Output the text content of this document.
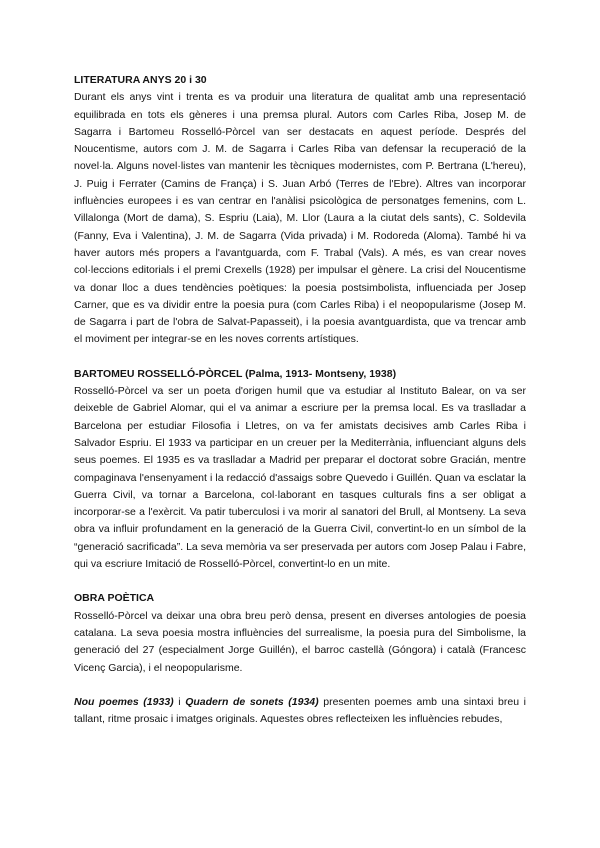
LITERATURA ANYS 20 i 30

Durant els anys vint i trenta es va produir una literatura de qualitat amb una representació equilibrada en tots els gèneres i una premsa plural. Autors com Carles Riba, Josep M. de Sagarra i Bartomeu Rosselló-Pòrcel van ser destacats en aquest període. Després del Noucentisme, autors com J. M. de Sagarra i Carles Riba van defensar la recuperació de la novel·la. Alguns novel·listes van mantenir les tècniques modernistes, com P. Bertrana (L'hereu), J. Puig i Ferrater (Camins de França) i S. Juan Arbó (Terres de l'Ebre). Altres van incorporar influències europees i es van centrar en l'anàlisi psicològica de personatges femenins, com L. Villalonga (Mort de dama), S. Espriu (Laia), M. Llor (Laura a la ciutat dels sants), C. Soldevila (Fanny, Eva i Valentina), J. M. de Sagarra (Vida privada) i M. Rodoreda (Aloma). També hi va haver autors més propers a l'avantguarda, com F. Trabal (Vals). A més, es van crear noves col·leccions editorials i el premi Crexells (1928) per impulsar el gènere. La crisi del Noucentisme va donar lloc a dues tendències poètiques: la poesia postsimbolista, influenciada per Josep Carner, que es va dividir entre la poesia pura (com Carles Riba) i el neopopularisme (Josep M. de Sagarra i part de l'obra de Salvat-Papasseit), i la poesia avantguardista, que va trencar amb el moviment per integrar-se en les noves corrents artístiques.

BARTOMEU ROSSELLÓ-PÒRCEL (Palma, 1913- Montseny, 1938)

Rosselló-Pòrcel va ser un poeta d'origen humil que va estudiar al Instituto Balear, on va ser deixeble de Gabriel Alomar, qui el va animar a escriure per la premsa local. Es va traslladar a Barcelona per estudiar Filosofia i Lletres, on va fer amistats decisives amb Carles Riba i Salvador Espriu. El 1933 va participar en un creuer per la Mediterrània, influenciant alguns dels seus poemes. El 1935 es va traslladar a Madrid per preparar el doctorat sobre Gracián, mentre compaginava l'ensenyament i la redacció d'assaigs sobre Quevedo i Guillén. Quan va esclatar la Guerra Civil, va tornar a Barcelona, col·laborant en tasques culturals fins a ser obligat a incorporar-se a l'exèrcit. Va patir tuberculosi i va morir al sanatori del Brull, al Montseny. La seva obra va influir profundament en la generació de la Guerra Civil, convertint-lo en un símbol de la “generació sacrificada”. La seva memòria va ser preservada per autors com Josep Palau i Fabre, qui va escriure Imitació de Rosselló-Pòrcel, convertint-lo en un mite.

OBRA POÈTICA

Rosselló-Pòrcel va deixar una obra breu però densa, present en diverses antologies de poesia catalana. La seva poesia mostra influències del surrealisme, la poesia pura del Simbolisme, la generació del 27 (especialment Jorge Guillén), el barroc castellà (Góngora) i català (Francesc Vicenç Garcia), i el neopopularisme.

Nou poemes (1933) i Quadern de sonets (1934) presenten poemes amb una sintaxi breu i tallant, ritme prosaic i imatges originals. Aquestes obres reflecteixen les influències rebudes,
